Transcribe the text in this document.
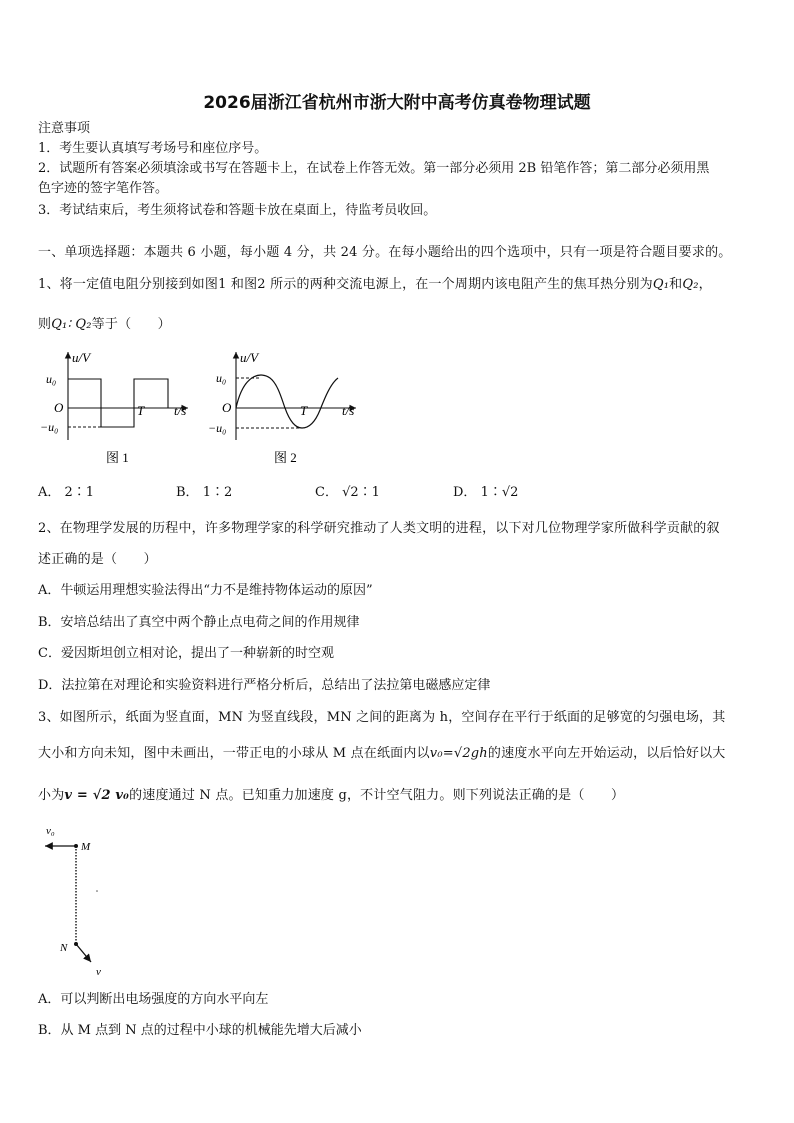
2026届浙江省杭州市浙大附中高考仿真卷物理试题
注意事项
1．考生要认真填写考场号和座位序号。
2．试题所有答案必须填涂或书写在答题卡上，在试卷上作答无效。第一部分必须用 2B 铅笔作答；第二部分必须用黑
色字迹的签字笔作答。
3．考试结束后，考生须将试卷和答题卡放在桌面上，待监考员收回。
一、单项选择题：本题共 6 小题，每小题 4 分，共 24 分。在每小题给出的四个选项中，只有一项是符合题目要求的。
1、将一定值电阻分别接到如图1 和图2 所示的两种交流电源上，在一个周期内该电阻产生的焦耳热分别为Q₁和Q₂，
则Q₁∶ Q₂等于（　　）
u/V
u₀
−u₀
O	T t/s
图 1
u/V
u₀
−u₀
O	T	t/s
图 2
A． 2∶1	B． 1∶2	C． √2∶1	D． 1∶√2
2、在物理学发展的历程中，许多物理学家的科学研究推动了人类文明的进程，以下对几位物理学家所做科学贡献的叙
述正确的是（　　）
A．牛顿运用理想实验法得出“力不是维持物体运动的原因”
B．安培总结出了真空中两个静止点电荷之间的作用规律
C．爱因斯坦创立相对论，提出了一种崭新的时空观
D．法拉第在对理论和实验资料进行严格分析后，总结出了法拉第电磁感应定律
3、如图所示，纸面为竖直面，MN 为竖直线段，MN 之间的距离为 h，空间存在平行于纸面的足够宽的匀强电场，其
大小和方向未知，图中未画出，一带正电的小球从 M 点在纸面内以v₀=√2gh的速度水平向左开始运动，以后恰好以大
小为v = √2 v₀的速度通过 N 点。已知重力加速度 g，不计空气阻力。则下列说法正确的是（　　）
v₀
M
N
v
A．可以判断出电场强度的方向水平向左
B．从 M 点到 N 点的过程中小球的机械能先增大后减小
